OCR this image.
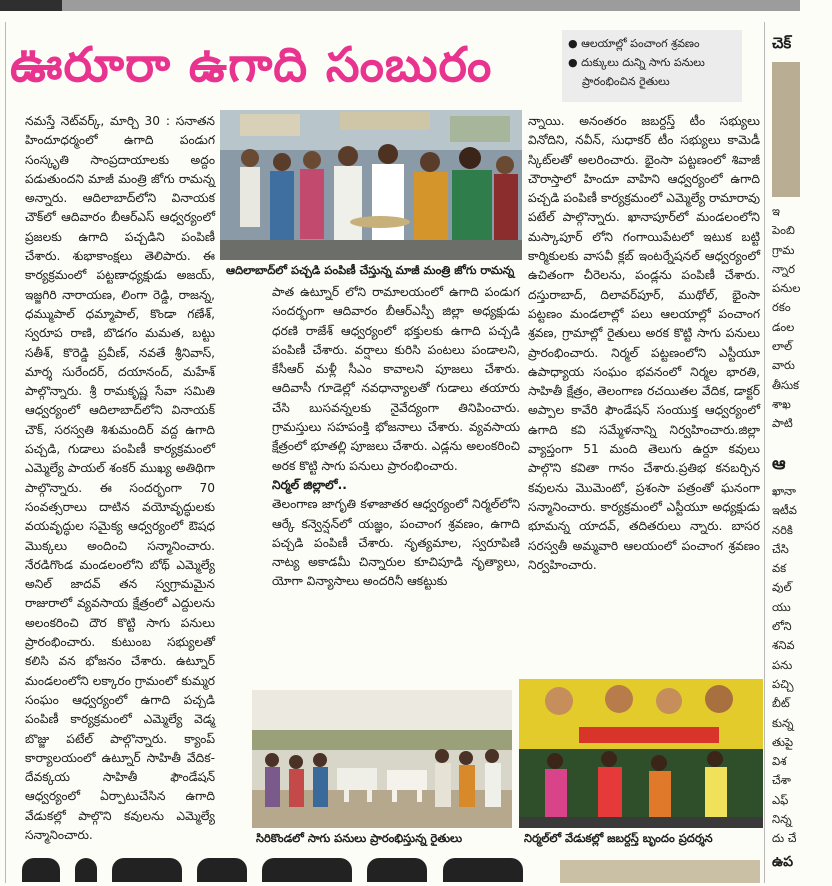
ఊరూరా ఉగాది సంబురం	● ఆలయాల్లో పంచాంగ శ్రవణం
● దుక్కులు దున్ని సాగు పనులు
ప్రారంభించిన రైతులు

నమస్తే నెట్‌వర్క్, మార్చి 30 : సనాతన హిందూధర్మంలో ఉగాది పండుగ సంస్కృతి సాంప్రదాయాలకు అద్దం పడుతుందని మాజీ మంత్రి జోగు రామన్న అన్నారు. ఆదిలాబాద్‌లోని వినాయక చౌక్‌లో ఆదివారం బీఆర్‌ఎస్ ఆధ్వర్యంలో ప్రజలకు ఉగాది పచ్చడిని పంపిణీ చేశారు. శుభాకాంక్షలు తెలిపారు. ఈ కార్యక్రమంలో పట్టణాధ్యక్షుడు అజయ్, ఇజ్జగిరి నారాయణ, లింగా రెడ్డి, రాజన్న, ధమ్ముపాల్ ధమ్మాపాల్, కొండా గణేశ్, స్వరూప రాణి, బొడగం మమత, బట్టు సతీశ్, కొరెడ్డి ప్రవీణ్, నవతే శ్రీనివాస్, మార్శ సురేందర్, దయానంద్, మహేశ్ పాల్గొన్నారు. శ్రీ రామకృష్ణ సేవా సమితి ఆధ్వర్యంలో ఆదిలాబాద్‌లోని వినాయక్ చౌక్, సరస్వతి శిశుమందిర్ వద్ద ఉగాది పచ్చడి, గుడాలు పంపిణీ కార్యక్రమంలో ఎమ్మెల్యే పాయల్ శంకర్ ముఖ్య అతిథిగా పాల్గొన్నారు. ఈ సందర్భంగా 70 సంవత్సరాలు దాటిన వయోవృద్ధులకు వయవృద్ధుల సమైక్య ఆధ్వర్యంలో ఔషధ మొక్కలు అందించి సన్మానించారు. నేరడిగొండ మండలంలోని బోథ్ ఎమ్మెల్యే అనిల్ జాదవ్ తన స్వగ్రామమైన రాజురాలో వ్యవసాయ క్షేత్రంలో ఎద్దులను అలంకరించి దౌర కొట్టి సాగు పనులు ప్రారంభించారు. కుటుంబ సభ్యులతో కలిసి వన భోజనం చేశారు. ఉట్నూర్ మండలంలోని లక్కారం గ్రామంలో కుమ్మర సంఘం ఆధ్వర్యంలో ఉగాది పచ్చడి పంపిణీ కార్యక్రమంలో ఎమ్మెల్యే వెడ్మ బొజ్జు పటేల్ పాల్గొన్నారు. క్యాంప్ కార్యాలయంలో ఉట్నూర్ సాహితీ వేదిక-దేవక్కయ సాహితీ ఫౌండేషన్ ఆధ్వర్యంలో ఏర్పాటుచేసిన ఉగాది వేడుకల్లో పాల్గొని కవులను ఎమ్మెల్యే సన్మానించారు.

ఆదిలాబాద్‌లో పచ్చడి పంపిణీ చేస్తున్న మాజీ మంత్రి జోగు రామన్న

పాత ఉట్నూర్ లోని రామాలయంలో ఉగాది పండుగ సందర్భంగా ఆదివారం బీఆర్‌ఎస్పీ జిల్లా అధ్యక్షుడు ధరణి రాజేశ్ ఆధ్వర్యంలో భక్తులకు ఉగాది పచ్చడి పంపిణీ చేశారు. వర్షాలు కురిసి పంటలు పండాలని, కేసీఆర్ మళ్లీ సీఎం కావాలని పూజలు చేశారు. ఆదివాసీ గూడెల్లో నవధాన్యాలతో గుడాలు తయారు చేసి బుసవన్నలకు నైవేద్యంగా తినిపించారు. గ్రామస్తులు సహపంక్తి భోజనాలు చేశారు. వ్యవసాయ క్షేత్రంలో భూతల్లి పూజలు చేశారు. ఎడ్లను అలంకరించి అరక కొట్టి సాగు పనులు ప్రారంభించారు.

నిర్మల్ జిల్లాలో..

తెలంగాణ జాగృతి కళాజాతర ఆధ్వర్యంలో నిర్మల్‌లోని ఆర్కే కన్వెన్షన్‌లో యజ్ఞం, పంచాంగ శ్రవణం, ఉగాది పచ్చడి పంపిణీ చేశారు. నృత్యమాల, స్వరూపిణి నాట్య అకాడమీ చిన్నారుల కూచిపూడి నృత్యాలు, యోగా విన్యాసాలు అందరినీ ఆకట్టుకు

న్నాయి. అనంతరం జబర్దస్త్ టీం సభ్యులు వినోదిని, నవీన్, సుధాకర్ టీం సభ్యులు కామెడీ స్కిట్‌లతో అలరించారు. భైంసా పట్టణంలో శివాజీ చౌరాస్తాలో హిందూ వాహిని ఆధ్వర్యంలో ఉగాది పచ్చడి పంపిణీ కార్యక్రమంలో ఎమ్మెల్యే రామారావు పటేల్ పాల్గొన్నారు. ఖానాపూర్‌లో మండలంలోని మస్కాపూర్ లోని గంగాయిపేటలో ఇటుక బట్టి కార్మికులకు వాసవీ క్లబ్ ఇంటర్నేషనల్ ఆధ్వర్యంలో ఉచితంగా చీరెలను, పండ్లను పంపిణీ చేశారు. దస్తురాబాద్, దిలావర్‌పూర్, ముథోల్, భైంసా పట్టణం మండలాల్లో పలు ఆలయాల్లో పంచాంగ శ్రవణ, గ్రామాల్లో రైతులు అరక కొట్టి సాగు పనులు ప్రారంభించారు. నిర్మల్ పట్టణంలోని ఎస్టీయూ ఉపాధ్యాయ సంఘం భవనంలో నిర్మల భారతి, సాహితీ క్షేత్రం, తెలంగాణ రచయితల వేదిక, డాక్టర్ అప్పాల కావేరి ఫౌండేషన్ సంయుక్త ఆధ్వర్యంలో ఉగాది కవి సమ్మేళనాన్ని నిర్వహించారు.జిల్లా వ్యాప్తంగా 51 మంది తెలుగు ఉర్దూ కవులు పాల్గొని కవితా గానం చేశారు.ప్రతిభ కనబర్చిన కవులను మొమెంటో, ప్రశంసా పత్రంతో ఘనంగా సన్మానించారు. కార్యక్రమంలో ఎస్టీయూ అధ్యక్షుడు భూమన్న యాదవ్, తదితరులు న్నారు. బాసర సరస్వతీ అమ్మవారి ఆలయంలో పంచాంగ శ్రవణం నిర్వహించారు.

సిరికొండలో సాగు పనులు ప్రారంభిస్తున్న రైతులు	నిర్మల్‌లో వేడుకల్లో జబర్దస్త్ బృందం ప్రదర్శన
చెక్
ఇ
పెంబి
గ్రామ
న్నార
పనుల
రకం
డంల
లాల్
వారు
తీసుక
శాఖ
పాటి
ఆ
ఖానా
ఇటీవ
నరికి
చేసి
వక
వుల్
యు
లోని
శనివ
పను
పచ్చి
బీట్
కున్న
తుపై
విశ
చేశా
ఎఫ్
నిన్న
దు చే
ఉప
